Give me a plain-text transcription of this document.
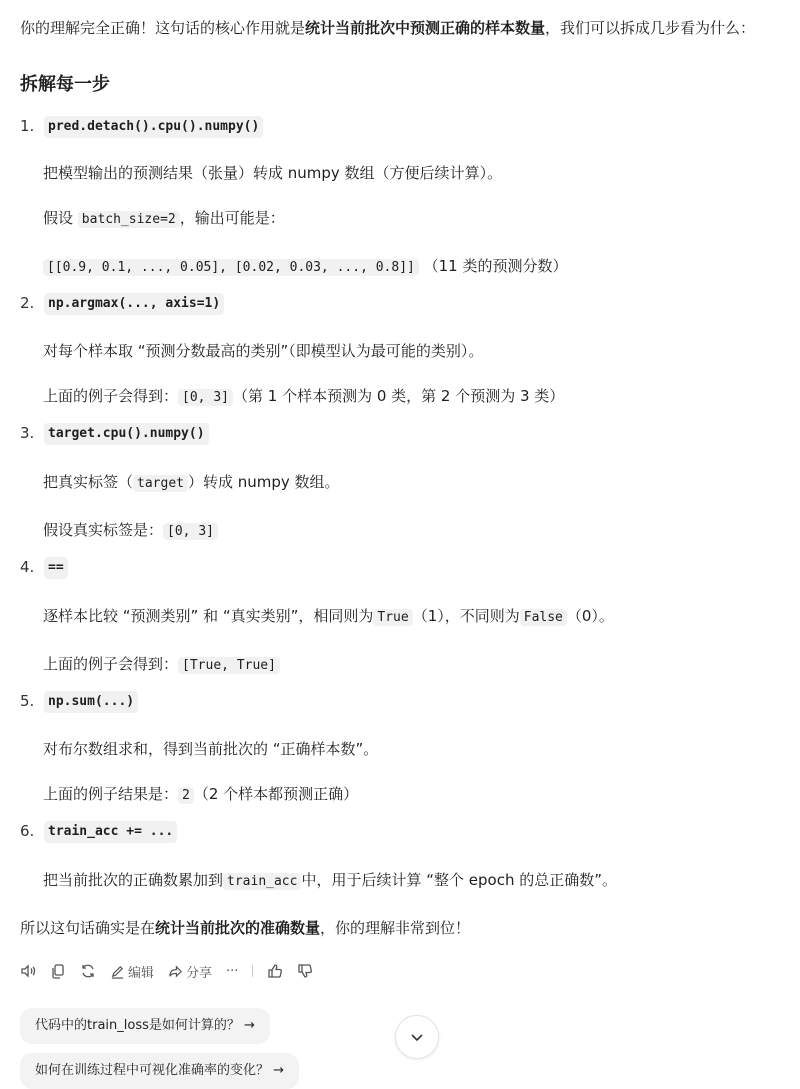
你的理解完全正确！这句话的核心作用就是统计当前批次中预测正确的样本数量，我们可以拆成几步看为什么：
拆解每一步
1.	pred.detach().cpu().numpy()
把模型输出的预测结果（张量）转成 numpy 数组（方便后续计算）。
假设 batch_size=2 ，输出可能是：
[[0.9, 0.1, ..., 0.05], [0.02, 0.03, ..., 0.8]] （11 类的预测分数）
2.	np.argmax(..., axis=1)
对每个样本取 “预测分数最高的类别”（即模型认为最可能的类别）。
上面的例子会得到： [0, 3] （第 1 个样本预测为 0 类，第 2 个预测为 3 类）
3.	target.cpu().numpy()
把真实标签（ target ）转成 numpy 数组。
假设真实标签是： [0, 3]
4.	==
逐样本比较 “预测类别” 和 “真实类别”，相同则为 True （1），不同则为 False （0）。
上面的例子会得到： [True, True]
5.	np.sum(...)
对布尔数组求和，得到当前批次的 “正确样本数”。
上面的例子结果是： 2 （2 个样本都预测正确）
6.	train_acc += ...
把当前批次的正确数累加到 train_acc 中，用于后续计算 “整个 epoch 的总正确数”。
所以这句话确实是在统计当前批次的准确数量，你的理解非常到位！
编辑 分享 ···
代码中的train_loss是如何计算的？ →
如何在训练过程中可视化准确率的变化？ →
